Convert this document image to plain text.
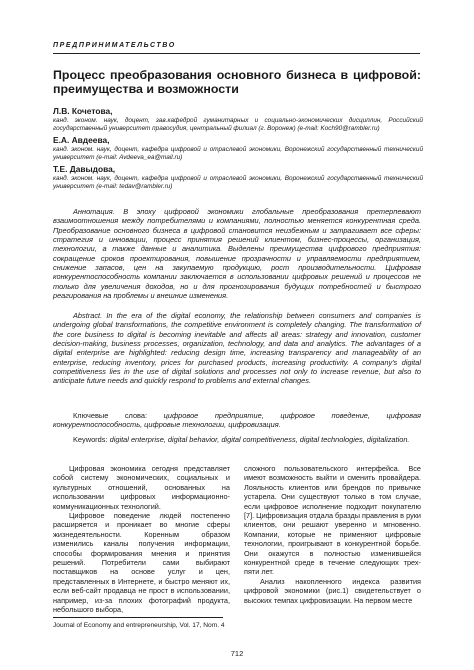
ПРЕДПРИНИМАТЕЛЬСТВО
Процесс преобразования основного бизнеса в цифровой: преимущества и возможности
Л.В. Кочетова,
канд. эконом. наук, доцент, зав.кафедрой гуманитарных и социально-экономических дисциплин, Российский государственный университет правосудия, центральный филиал (г. Воронеж) (e-mail: Koch90@rambler.ru)
Е.А. Авдеева,
канд. эконом. наук, доцент, кафедра цифровой и отраслевой экономики, Воронежский государственный технический университет (e-mail: Avdeeva_ea@mail.ru)
Т.Е. Давыдова,
канд. эконом. наук, доцент, кафедра цифровой и отраслевой экономики, Воронежский государственный технический университет (e-mail: tedav@rambler.ru)
Аннотация. В эпоху цифровой экономики глобальные преобразования претерпевают взаимоотношения между потребителями и компаниями, полностью меняется конкурентная среда. Преобразование основного бизнеса в цифровой становится неизбежным и затрагивает все сферы: стратегия и инновации, процесс принятия решений клиентом, бизнес-процессы, организация, технологии, а также данные и аналитика. Выделены преимущества цифрового предприятия: сокращение сроков проектирования, повышение прозрачности и управляемости предприятием, снижение запасов, цен на закупаемую продукцию, рост производительности. Цифровая конкурентоспособность компании заключается в использовании цифровых решений и процессов не только для увеличения доходов, но и для прогнозирования будущих потребностей и быстрого реагирования на проблемы и внешние изменения.
Abstract. In the era of the digital economy, the relationship between consumers and companies is undergoing global transformations, the competitive environment is completely changing. The transformation of the core business to digital is becoming inevitable and affects all areas: strategy and innovation, customer decision-making, business processes, organization, technology, and data and analytics. The advantages of a digital enterprise are highlighted: reducing design time, increasing transparency and manageability of an enterprise, reducing inventory, prices for purchased products, increasing productivity. A company's digital competitiveness lies in the use of digital solutions and processes not only to increase revenue, but also to anticipate future needs and quickly respond to problems and external changes.
Ключевые слова: цифровое предприятие, цифровое поведение, цифровая конкурентоспособность, цифровые технологии, цифровизация.
Keywords: digital enterprise, digital behavior, digital competitiveness, digital technologies, digitalization.

Цифровая экономика сегодня представляет собой систему экономических, социальных и культурных отношений, основанных на использовании цифровых информационно-коммуникационных технологий.

Цифровое поведение людей постепенно расширяется и проникает во многие сферы жизнедеятельности. Коренным образом изменились каналы получения информации, способы формирования мнения и принятия решений. Потребители сами выбирают поставщиков на основе услуг и цен, представленных в Интернете, и быстро меняют их, если веб-сайт продавца не прост в использовании, например, из-за плохих фотографий продукта, небольшого выбора,

сложного пользовательского интерфейса. Все имеют возможность выйти и сменить провайдера. Лояльность клиентов или брендов по привычке устарела. Они существуют только в том случае, если цифровое исполнение подходит покупателю [7]. Цифровизация отдала бразды правления в руки клиентов, они решают уверенно и мгновенно. Компании, которые не применяют цифровые технологии, проигрывают в конкурентной борьбе. Они окажутся в полностью изменившейся конкурентной среде в течение следующих трех-пяти лет.

Анализ накопленного индекса развития цифровой экономики (рис.1) свидетельствует о высоких темпах цифровизации. На первом месте

Journal of Economy and entrepreneurship, Vol. 17, Nom. 4
712
